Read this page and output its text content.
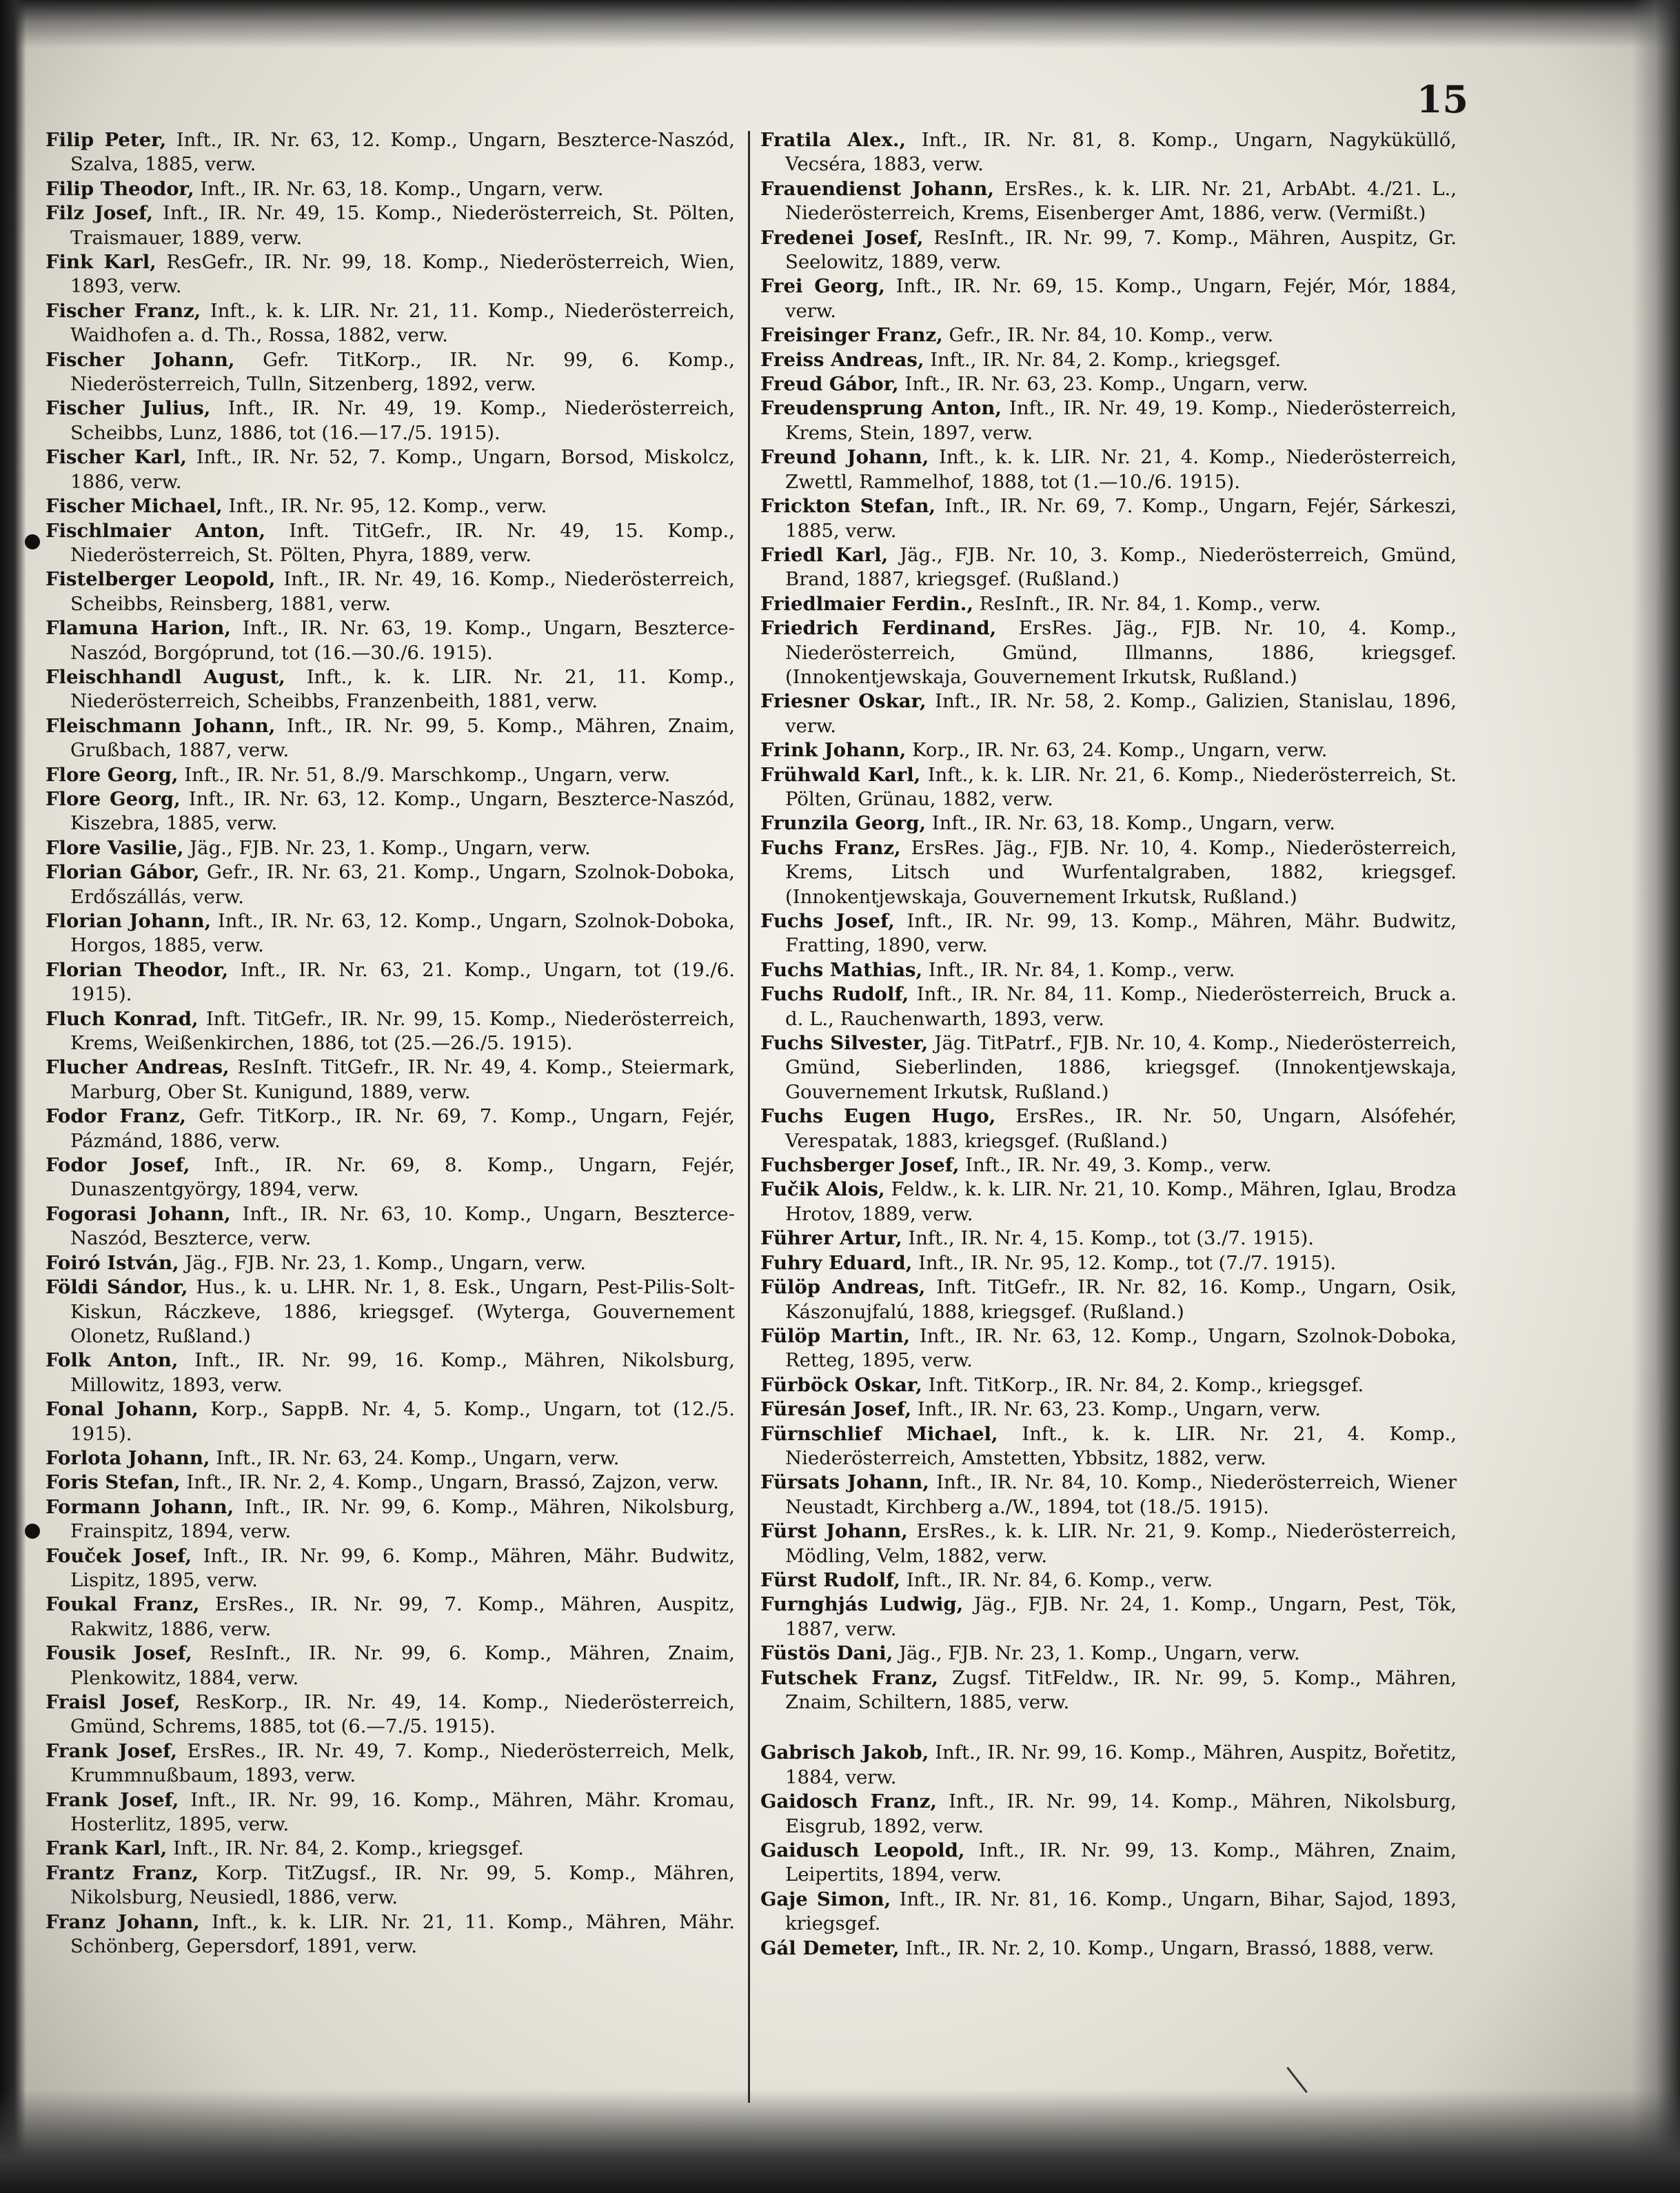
15

Filip Peter, Inft., IR. Nr. 63, 12. Komp., Ungarn, Beszterce-Naszód, Szalva, 1885, verw.

Filip Theodor, Inft., IR. Nr. 63, 18. Komp., Ungarn, verw.

Filz Josef, Inft., IR. Nr. 49, 15. Komp., Niederösterreich, St. Pölten, Traismauer, 1889, verw.

Fink Karl, ResGefr., IR. Nr. 99, 18. Komp., Niederösterreich, Wien, 1893, verw.

Fischer Franz, Inft., k. k. LIR. Nr. 21, 11. Komp., Niederösterreich, Waidhofen a. d. Th., Rossa, 1882, verw.

Fischer Johann, Gefr. TitKorp., IR. Nr. 99, 6. Komp., Niederösterreich, Tulln, Sitzenberg, 1892, verw.

Fischer Julius, Inft., IR. Nr. 49, 19. Komp., Niederösterreich, Scheibbs, Lunz, 1886, tot (16.—17./5. 1915).

Fischer Karl, Inft., IR. Nr. 52, 7. Komp., Ungarn, Borsod, Miskolcz, 1886, verw.

Fischer Michael, Inft., IR. Nr. 95, 12. Komp., verw.

Fischlmaier Anton, Inft. TitGefr., IR. Nr. 49, 15. Komp., Niederösterreich, St. Pölten, Phyra, 1889, verw.

Fistelberger Leopold, Inft., IR. Nr. 49, 16. Komp., Niederösterreich, Scheibbs, Reinsberg, 1881, verw.

Flamuna Harion, Inft., IR. Nr. 63, 19. Komp., Ungarn, Beszterce-Naszód, Borgóprund, tot (16.—30./6. 1915).

Fleischhandl August, Inft., k. k. LIR. Nr. 21, 11. Komp., Niederösterreich, Scheibbs, Franzenbeith, 1881, verw.

Fleischmann Johann, Inft., IR. Nr. 99, 5. Komp., Mähren, Znaim, Grußbach, 1887, verw.

Flore Georg, Inft., IR. Nr. 51, 8./9. Marschkomp., Ungarn, verw.

Flore Georg, Inft., IR. Nr. 63, 12. Komp., Ungarn, Beszterce-Naszód, Kiszebra, 1885, verw.

Flore Vasilie, Jäg., FJB. Nr. 23, 1. Komp., Ungarn, verw.

Florian Gábor, Gefr., IR. Nr. 63, 21. Komp., Ungarn, Szolnok-Doboka, Erdőszállás, verw.

Florian Johann, Inft., IR. Nr. 63, 12. Komp., Ungarn, Szolnok-Doboka, Horgos, 1885, verw.

Florian Theodor, Inft., IR. Nr. 63, 21. Komp., Ungarn, tot (19./6. 1915).

Fluch Konrad, Inft. TitGefr., IR. Nr. 99, 15. Komp., Niederösterreich, Krems, Weißenkirchen, 1886, tot (25.—26./5. 1915).

Flucher Andreas, ResInft. TitGefr., IR. Nr. 49, 4. Komp., Steiermark, Marburg, Ober St. Kunigund, 1889, verw.

Fodor Franz, Gefr. TitKorp., IR. Nr. 69, 7. Komp., Ungarn, Fejér, Pázmánd, 1886, verw.

Fodor Josef, Inft., IR. Nr. 69, 8. Komp., Ungarn, Fejér, Dunaszentgyörgy, 1894, verw.

Fogorasi Johann, Inft., IR. Nr. 63, 10. Komp., Ungarn, Beszterce-Naszód, Beszterce, verw.

Foiró István, Jäg., FJB. Nr. 23, 1. Komp., Ungarn, verw.

Földi Sándor, Hus., k. u. LHR. Nr. 1, 8. Esk., Ungarn, Pest-Pilis-Solt-Kiskun, Ráczkeve, 1886, kriegsgef. (Wyterga, Gouvernement Olonetz, Rußland.)

Folk Anton, Inft., IR. Nr. 99, 16. Komp., Mähren, Nikolsburg, Millowitz, 1893, verw.

Fonal Johann, Korp., SappB. Nr. 4, 5. Komp., Ungarn, tot (12./5. 1915).

Forlota Johann, Inft., IR. Nr. 63, 24. Komp., Ungarn, verw.

Foris Stefan, Inft., IR. Nr. 2, 4. Komp., Ungarn, Brassó, Zajzon, verw.

Formann Johann, Inft., IR. Nr. 99, 6. Komp., Mähren, Nikolsburg, Frainspitz, 1894, verw.

Fouček Josef, Inft., IR. Nr. 99, 6. Komp., Mähren, Mähr. Budwitz, Lispitz, 1895, verw.

Foukal Franz, ErsRes., IR. Nr. 99, 7. Komp., Mähren, Auspitz, Rakwitz, 1886, verw.

Fousik Josef, ResInft., IR. Nr. 99, 6. Komp., Mähren, Znaim, Plenkowitz, 1884, verw.

Fraisl Josef, ResKorp., IR. Nr. 49, 14. Komp., Niederösterreich, Gmünd, Schrems, 1885, tot (6.—7./5. 1915).

Frank Josef, ErsRes., IR. Nr. 49, 7. Komp., Niederösterreich, Melk, Krummnußbaum, 1893, verw.

Frank Josef, Inft., IR. Nr. 99, 16. Komp., Mähren, Mähr. Kromau, Hosterlitz, 1895, verw.

Frank Karl, Inft., IR. Nr. 84, 2. Komp., kriegsgef.

Frantz Franz, Korp. TitZugsf., IR. Nr. 99, 5. Komp., Mähren, Nikolsburg, Neusiedl, 1886, verw.

Franz Johann, Inft., k. k. LIR. Nr. 21, 11. Komp., Mähren, Mähr. Schönberg, Gepersdorf, 1891, verw.

Fratila Alex., Inft., IR. Nr. 81, 8. Komp., Ungarn, Nagyküküllő, Vecséra, 1883, verw.

Frauendienst Johann, ErsRes., k. k. LIR. Nr. 21, ArbAbt. 4./21. L., Niederösterreich, Krems, Eisenberger Amt, 1886, verw. (Vermißt.)

Fredenei Josef, ResInft., IR. Nr. 99, 7. Komp., Mähren, Auspitz, Gr. Seelowitz, 1889, verw.

Frei Georg, Inft., IR. Nr. 69, 15. Komp., Ungarn, Fejér, Mór, 1884, verw.

Freisinger Franz, Gefr., IR. Nr. 84, 10. Komp., verw.

Freiss Andreas, Inft., IR. Nr. 84, 2. Komp., kriegsgef.

Freud Gábor, Inft., IR. Nr. 63, 23. Komp., Ungarn, verw.

Freudensprung Anton, Inft., IR. Nr. 49, 19. Komp., Niederösterreich, Krems, Stein, 1897, verw.

Freund Johann, Inft., k. k. LIR. Nr. 21, 4. Komp., Niederösterreich, Zwettl, Rammelhof, 1888, tot (1.—10./6. 1915).

Frickton Stefan, Inft., IR. Nr. 69, 7. Komp., Ungarn, Fejér, Sárkeszi, 1885, verw.

Friedl Karl, Jäg., FJB. Nr. 10, 3. Komp., Niederösterreich, Gmünd, Brand, 1887, kriegsgef. (Rußland.)

Friedlmaier Ferdin., ResInft., IR. Nr. 84, 1. Komp., verw.

Friedrich Ferdinand, ErsRes. Jäg., FJB. Nr. 10, 4. Komp., Niederösterreich, Gmünd, Illmanns, 1886, kriegsgef. (Innokentjewskaja, Gouvernement Irkutsk, Rußland.)

Friesner Oskar, Inft., IR. Nr. 58, 2. Komp., Galizien, Stanislau, 1896, verw.

Frink Johann, Korp., IR. Nr. 63, 24. Komp., Ungarn, verw.

Frühwald Karl, Inft., k. k. LIR. Nr. 21, 6. Komp., Niederösterreich, St. Pölten, Grünau, 1882, verw.

Frunzila Georg, Inft., IR. Nr. 63, 18. Komp., Ungarn, verw.

Fuchs Franz, ErsRes. Jäg., FJB. Nr. 10, 4. Komp., Niederösterreich, Krems, Litsch und Wurfentalgraben, 1882, kriegsgef. (Innokentjewskaja, Gouvernement Irkutsk, Rußland.)

Fuchs Josef, Inft., IR. Nr. 99, 13. Komp., Mähren, Mähr. Budwitz, Fratting, 1890, verw.

Fuchs Mathias, Inft., IR. Nr. 84, 1. Komp., verw.

Fuchs Rudolf, Inft., IR. Nr. 84, 11. Komp., Niederösterreich, Bruck a. d. L., Rauchenwarth, 1893, verw.

Fuchs Silvester, Jäg. TitPatrf., FJB. Nr. 10, 4. Komp., Niederösterreich, Gmünd, Sieberlinden, 1886, kriegsgef. (Innokentjewskaja, Gouvernement Irkutsk, Rußland.)

Fuchs Eugen Hugo, ErsRes., IR. Nr. 50, Ungarn, Alsófehér, Verespatak, 1883, kriegsgef. (Rußland.)

Fuchsberger Josef, Inft., IR. Nr. 49, 3. Komp., verw.

Fučik Alois, Feldw., k. k. LIR. Nr. 21, 10. Komp., Mähren, Iglau, Brodza Hrotov, 1889, verw.

Führer Artur, Inft., IR. Nr. 4, 15. Komp., tot (3./7. 1915).

Fuhry Eduard, Inft., IR. Nr. 95, 12. Komp., tot (7./7. 1915).

Fülöp Andreas, Inft. TitGefr., IR. Nr. 82, 16. Komp., Ungarn, Osik, Kászonujfalú, 1888, kriegsgef. (Rußland.)

Fülöp Martin, Inft., IR. Nr. 63, 12. Komp., Ungarn, Szolnok-Doboka, Retteg, 1895, verw.

Fürböck Oskar, Inft. TitKorp., IR. Nr. 84, 2. Komp., kriegsgef.

Füresán Josef, Inft., IR. Nr. 63, 23. Komp., Ungarn, verw.

Fürnschlief Michael, Inft., k. k. LIR. Nr. 21, 4. Komp., Niederösterreich, Amstetten, Ybbsitz, 1882, verw.

Fürsats Johann, Inft., IR. Nr. 84, 10. Komp., Niederösterreich, Wiener Neustadt, Kirchberg a./W., 1894, tot (18./5. 1915).

Fürst Johann, ErsRes., k. k. LIR. Nr. 21, 9. Komp., Niederösterreich, Mödling, Velm, 1882, verw.

Fürst Rudolf, Inft., IR. Nr. 84, 6. Komp., verw.

Furnghjás Ludwig, Jäg., FJB. Nr. 24, 1. Komp., Ungarn, Pest, Tök, 1887, verw.

Füstös Dani, Jäg., FJB. Nr. 23, 1. Komp., Ungarn, verw.

Futschek Franz, Zugsf. TitFeldw., IR. Nr. 99, 5. Komp., Mähren, Znaim, Schiltern, 1885, verw.

Gabrisch Jakob, Inft., IR. Nr. 99, 16. Komp., Mähren, Auspitz, Bořetitz, 1884, verw.

Gaidosch Franz, Inft., IR. Nr. 99, 14. Komp., Mähren, Nikolsburg, Eisgrub, 1892, verw.

Gaidusch Leopold, Inft., IR. Nr. 99, 13. Komp., Mähren, Znaim, Leipertits, 1894, verw.

Gaje Simon, Inft., IR. Nr. 81, 16. Komp., Ungarn, Bihar, Sajod, 1893, kriegsgef.

Gál Demeter, Inft., IR. Nr. 2, 10. Komp., Ungarn, Brassó, 1888, verw.
